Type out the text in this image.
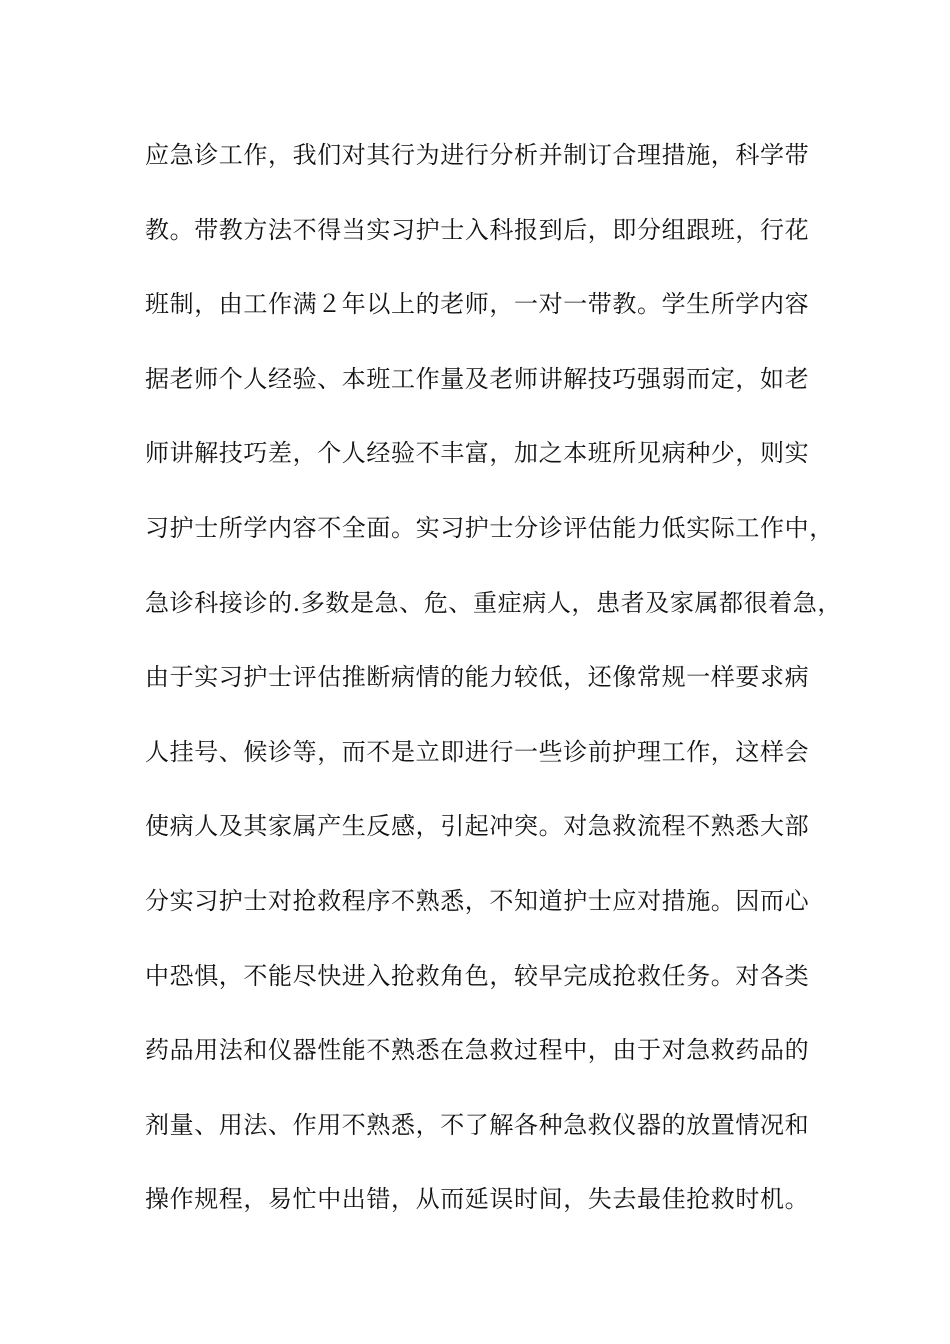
应急诊工作，我们对其行为进行分析并制订合理措施，科学带
教。带教方法不得当实习护士入科报到后，即分组跟班，行花
班制，由工作满２年以上的老师，一对一带教。学生所学内容
据老师个人经验、本班工作量及老师讲解技巧强弱而定，如老
师讲解技巧差，个人经验不丰富，加之本班所见病种少，则实
习护士所学内容不全面。实习护士分诊评估能力低实际工作中，
急诊科接诊的.多数是急、危、重症病人，患者及家属都很着急，
由于实习护士评估推断病情的能力较低，还像常规一样要求病
人挂号、候诊等，而不是立即进行一些诊前护理工作，这样会
使病人及其家属产生反感，引起冲突。对急救流程不熟悉大部
分实习护士对抢救程序不熟悉，不知道护士应对措施。因而心
中恐惧，不能尽快进入抢救角色，较早完成抢救任务。对各类
药品用法和仪器性能不熟悉在急救过程中，由于对急救药品的
剂量、用法、作用不熟悉，不了解各种急救仪器的放置情况和
操作规程，易忙中出错，从而延误时间，失去最佳抢救时机。
